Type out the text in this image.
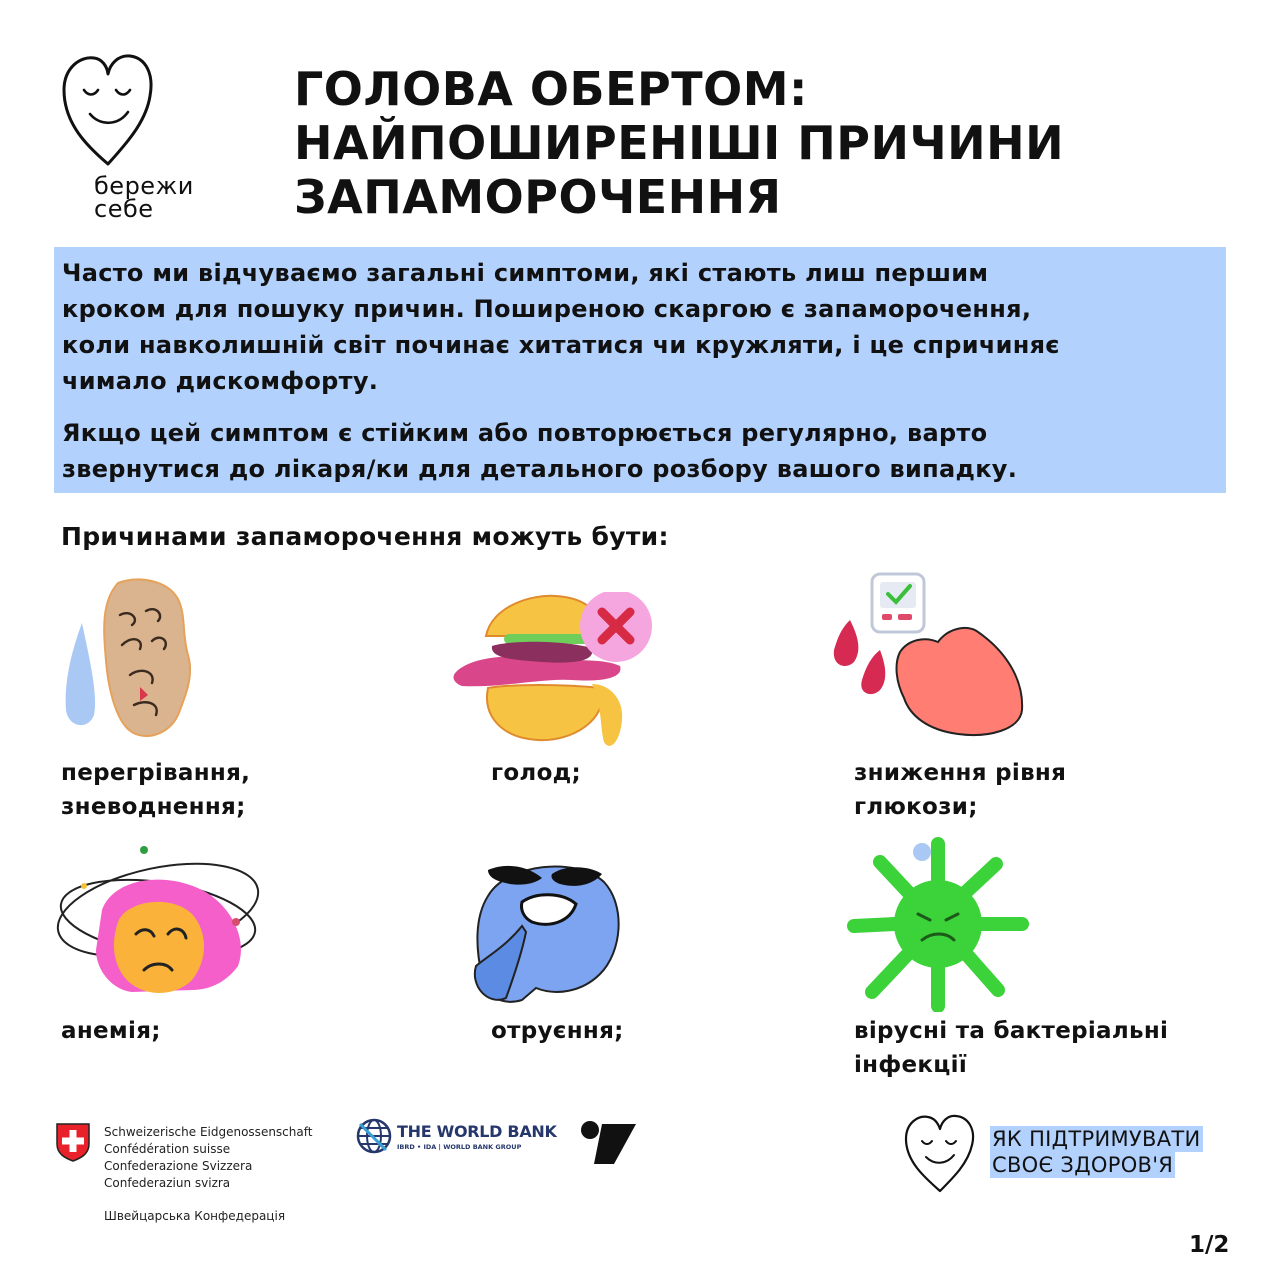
бережи
себе
ГОЛОВА ОБЕРТОМ:
НАЙПОШИРЕНІШІ ПРИЧИНИ
ЗАПАМОРОЧЕННЯ

Часто ми відчуваємо загальні симптоми, які стають лиш першим
кроком для пошуку причин. Поширеною скаргою є запаморочення,
коли навколишній світ починає хитатися чи кружляти, і це спричиняє
чимало дискомфорту.

Якщо цей симптом є стійким або повторюється регулярно, варто
звернутися до лікаря/ки для детального розбору вашого випадку.

Причинами запаморочення можуть бути:
перегрівання,
зневоднення;
голод;	зниження рівня
глюкози;
анемія;	отруєння;	вірусні та бактеріальні
інфекції
Schweizerische Eidgenossenschaft
Confédération suisse
Confederazione Svizzera
Confederaziun svizra
Швейцарська Конфедерація
THE WORLD BANK
IBRD • IDA | WORLD BANK GROUP	ЯК ПІДТРИМУВАТИ
СВОЄ ЗДОРОВ'Я
1/2
